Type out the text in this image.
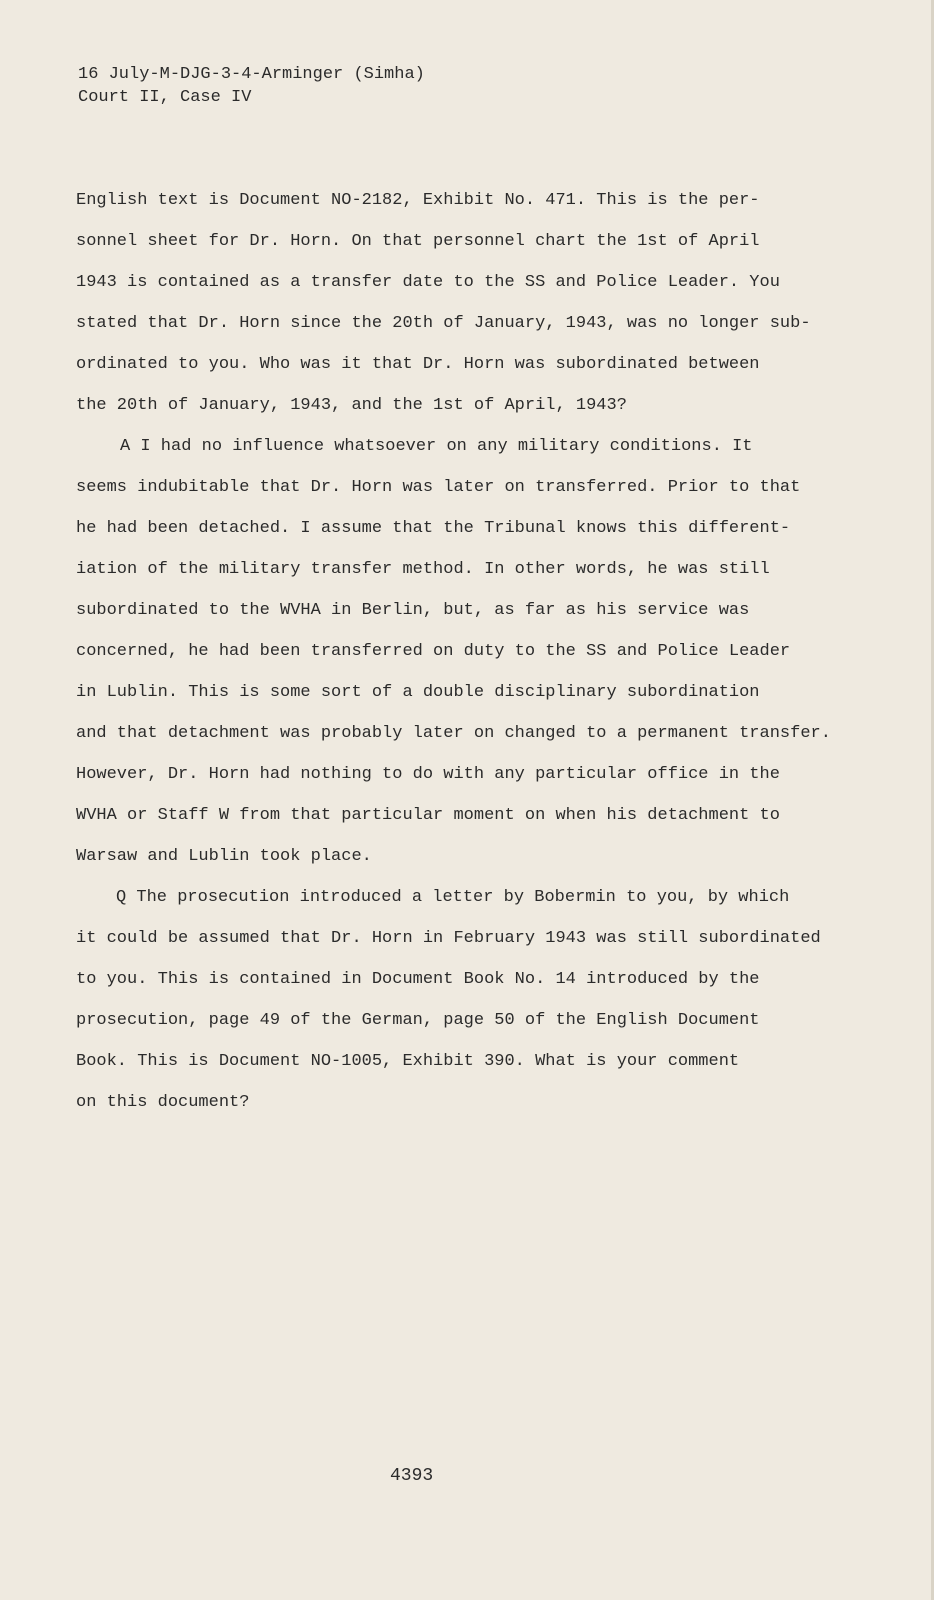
16 July-M-DJG-3-4-Arminger (Simha)
Court II, Case IV
English text is Document NO-2182, Exhibit No. 471. This is the per-
sonnel sheet for Dr. Horn. On that personnel chart the 1st of April
1943 is contained as a transfer date to the SS and Police Leader. You
stated that Dr. Horn since the 20th of January, 1943, was no longer sub-
ordinated to you. Who was it that Dr. Horn was subordinated between
the 20th of January, 1943, and the 1st of April, 1943?
A I had no influence whatsoever on any military conditions. It
seems indubitable that Dr. Horn was later on transferred. Prior to that
he had been detached. I assume that the Tribunal knows this different-
iation of the military transfer method. In other words, he was still
subordinated to the WVHA in Berlin, but, as far as his service was
concerned, he had been transferred on duty to the SS and Police Leader
in Lublin. This is some sort of a double disciplinary subordination
and that detachment was probably later on changed to a permanent transfer.
However, Dr. Horn had nothing to do with any particular office in the
WVHA or Staff W from that particular moment on when his detachment to
Warsaw and Lublin took place.
Q The prosecution introduced a letter by Bobermin to you, by which
it could be assumed that Dr. Horn in February 1943 was still subordinated
to you. This is contained in Document Book No. 14 introduced by the
prosecution, page 49 of the German, page 50 of the English Document
Book. This is Document NO-1005, Exhibit 390. What is your comment
on this document?
4393
